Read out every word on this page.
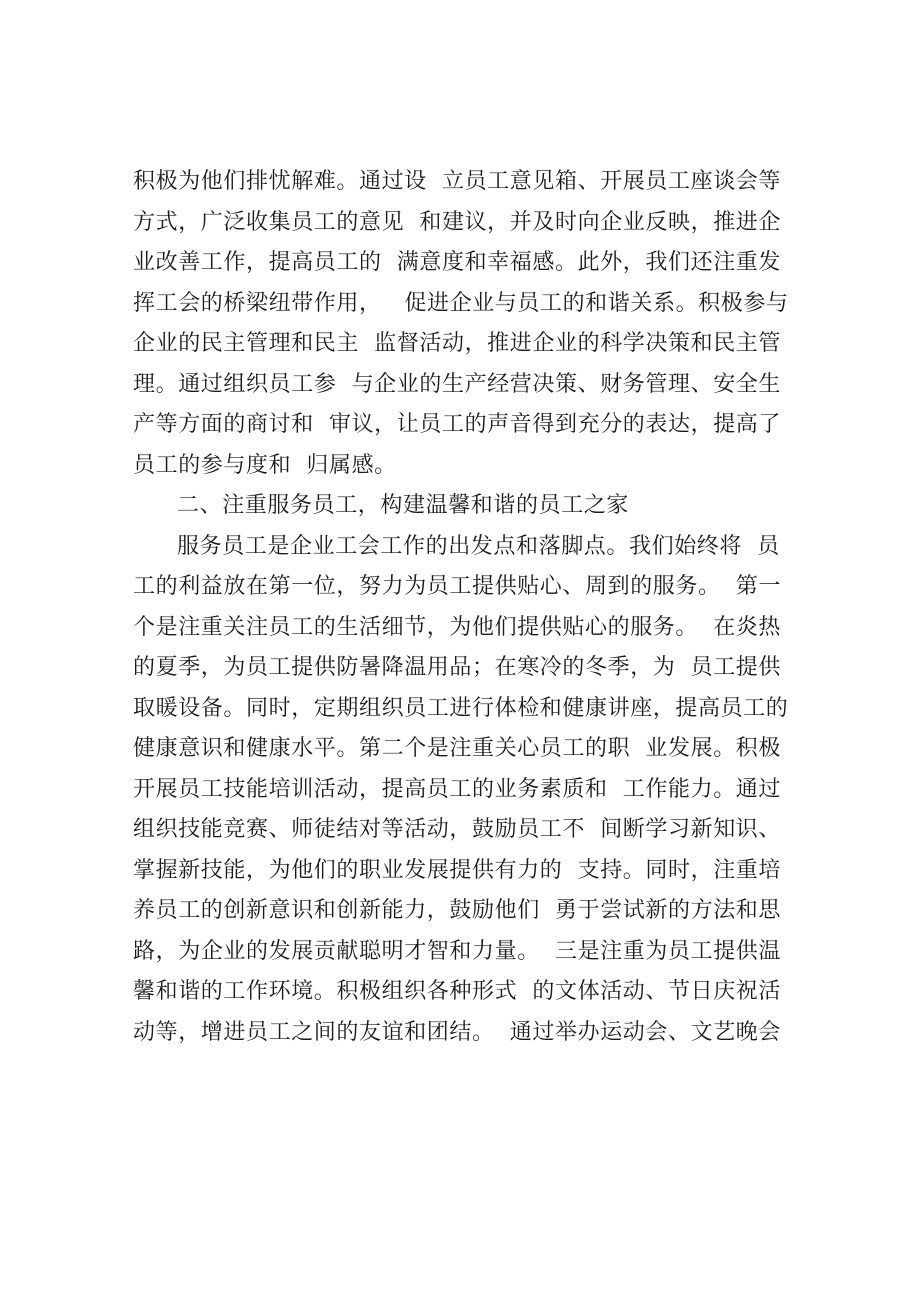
积极为他们排忧解难。通过设  立员工意见箱、开展员工座谈会等
方式，广泛收集员工的意见  和建议，并及时向企业反映，推进企
业改善工作，提高员工的  满意度和幸福感。此外，我们还注重发
挥工会的桥梁纽带作用，   促进企业与员工的和谐关系。积极参与
企业的民主管理和民主  监督活动，推进企业的科学决策和民主管
理。通过组织员工参  与企业的生产经营决策、财务管理、安全生
产等方面的商讨和  审议，让员工的声音得到充分的表达，提高了
员工的参与度和  归属感。
二、注重服务员工，构建温馨和谐的员工之家
服务员工是企业工会工作的出发点和落脚点。我们始终将  员
工的利益放在第一位，努力为员工提供贴心、周到的服务。  第一
个是注重关注员工的生活细节，为他们提供贴心的服务。  在炎热
的夏季，为员工提供防暑降温用品；在寒冷的冬季，为  员工提供
取暖设备。同时，定期组织员工进行体检和健康讲座，提高员工的
健康意识和健康水平。第二个是注重关心员工的职  业发展。积极
开展员工技能培训活动，提高员工的业务素质和  工作能力。通过
组织技能竞赛、师徒结对等活动，鼓励员工不  间断学习新知识、
掌握新技能，为他们的职业发展提供有力的  支持。同时，注重培
养员工的创新意识和创新能力，鼓励他们  勇于尝试新的方法和思
路，为企业的发展贡献聪明才智和力量。  三是注重为员工提供温
馨和谐的工作环境。积极组织各种形式  的文体活动、节日庆祝活
动等，增进员工之间的友谊和团结。  通过举办运动会、文艺晚会
